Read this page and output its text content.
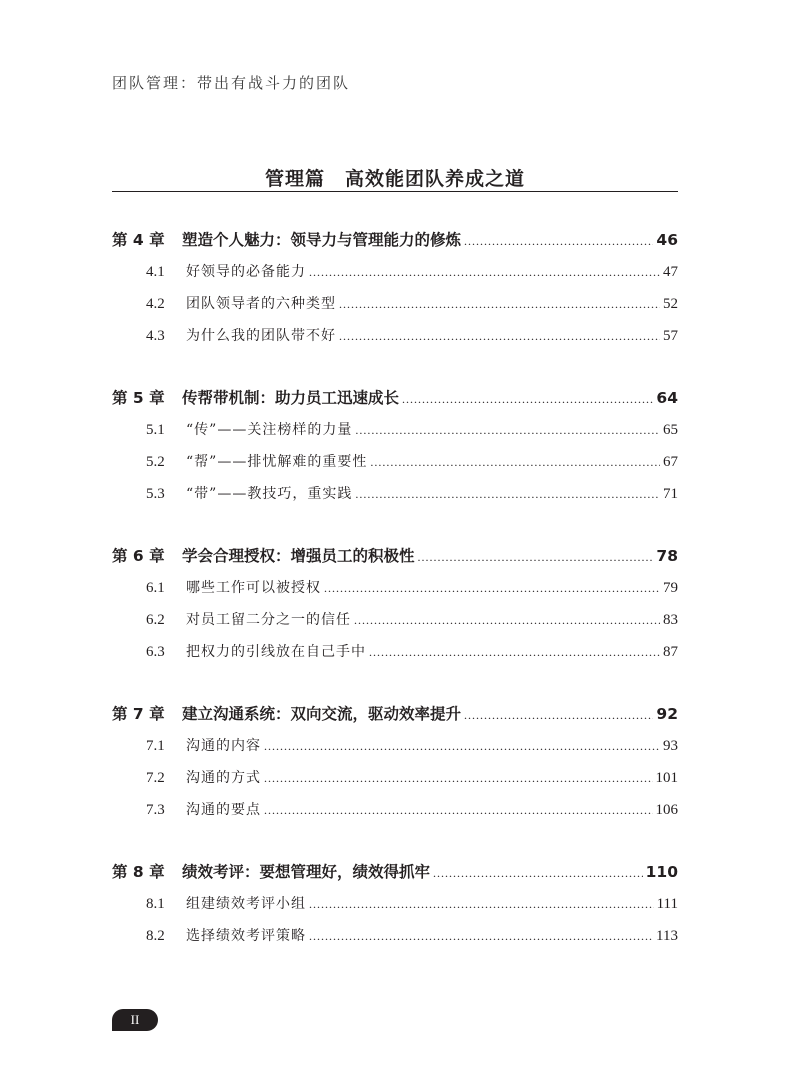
团队管理：带出有战斗力的团队
管理篇　高效能团队养成之道
第 4 章	塑造个人魅力：领导力与管理能力的修炼 .....	46
4.1	好领导的必备能力 .....	47
4.2	团队领导者的六种类型 .....	52
4.3	为什么我的团队带不好 .....	57
第 5 章	传帮带机制：助力员工迅速成长 .....	64
5.1	“传”——关注榜样的力量 .....	65
5.2	“帮”——排忧解难的重要性 .....	67
5.3	“带”——教技巧，重实践 .....	71
第 6 章	学会合理授权：增强员工的积极性 .....	78
6.1	哪些工作可以被授权 .....	79
6.2	对员工留二分之一的信任 .....	83
6.3	把权力的引线放在自己手中 .....	87
第 7 章	建立沟通系统：双向交流，驱动效率提升 .....	92
7.1	沟通的内容 .....	93
7.2	沟通的方式 .....	101
7.3	沟通的要点 .....	106
第 8 章	绩效考评：要想管理好，绩效得抓牢 .....	110
8.1	组建绩效考评小组 .....	111
8.2	选择绩效考评策略 .....	113
II
